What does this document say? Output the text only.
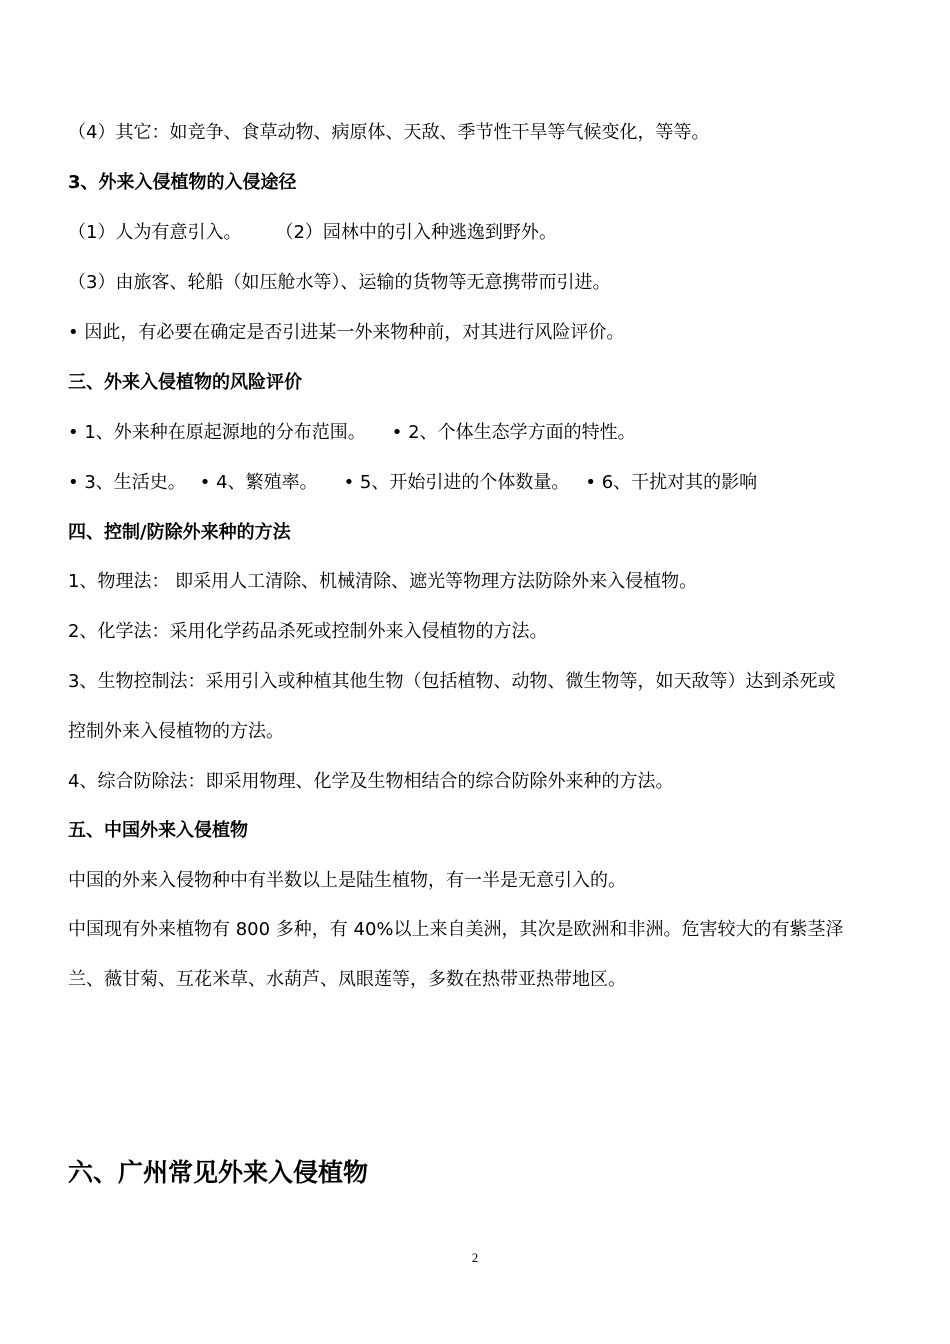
（4）其它：如竞争、食草动物、病原体、天敌、季节性干旱等气候变化，等等。
3、外来入侵植物的入侵途径
（1）人为有意引入。 （2）园林中的引入种逃逸到野外。
（3）由旅客、轮船（如压舱水等）、运输的货物等无意携带而引进。
• 因此，有必要在确定是否引进某一外来物种前，对其进行风险评价。
三、外来入侵植物的风险评价
• 1、外来种在原起源地的分布范围。 • 2、个体生态学方面的特性。
• 3、生活史。 • 4、繁殖率。 • 5、开始引进的个体数量。 • 6、干扰对其的影响
四、控制/防除外来种的方法
1、物理法： 即采用人工清除、机械清除、遮光等物理方法防除外来入侵植物。
2、化学法：采用化学药品杀死或控制外来入侵植物的方法。
3、生物控制法：采用引入或种植其他生物（包括植物、动物、微生物等，如天敌等）达到杀死或
控制外来入侵植物的方法。
4、综合防除法：即采用物理、化学及生物相结合的综合防除外来种的方法。
五、中国外来入侵植物
中国的外来入侵物种中有半数以上是陆生植物，有一半是无意引入的。
中国现有外来植物有 800 多种，有 40%以上来自美洲，其次是欧洲和非洲。危害较大的有紫茎泽
兰、薇甘菊、互花米草、水葫芦、凤眼莲等，多数在热带亚热带地区。
六、广州常见外来入侵植物
2
